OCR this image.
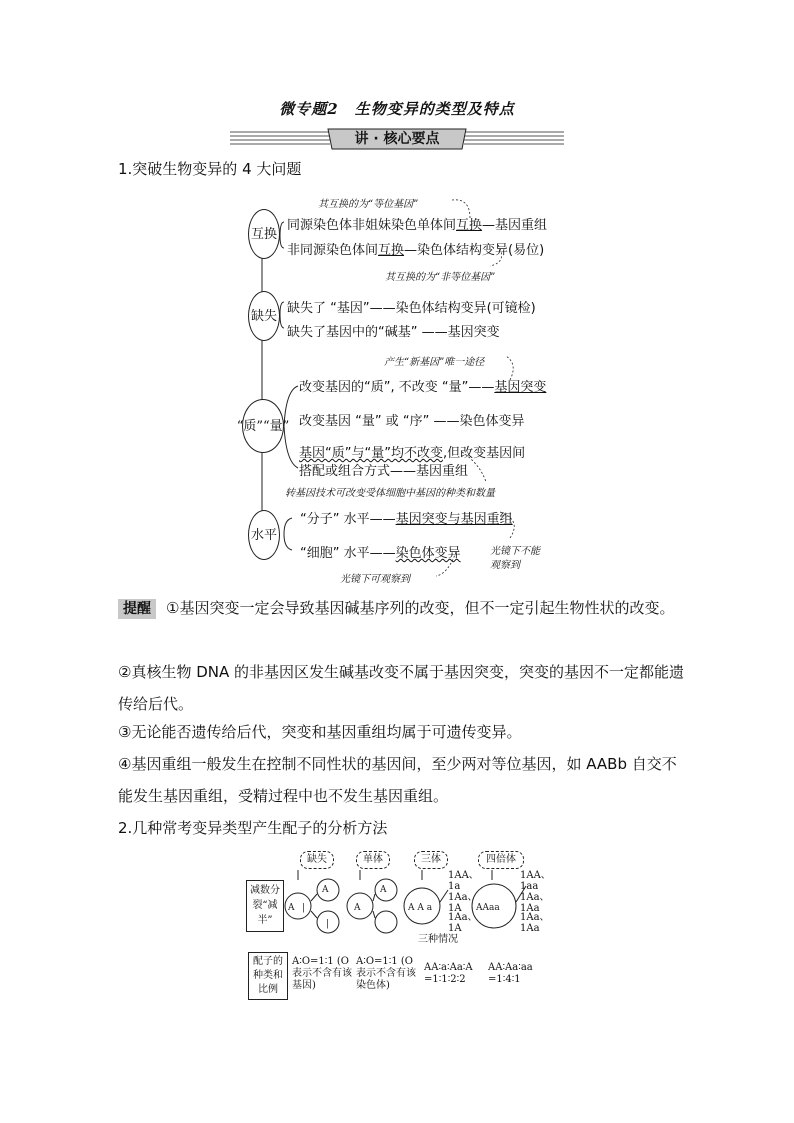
微专题2　生物变异的类型及特点
讲 · 核心要点
1.突破生物变异的 4 大问题
互换
缺失
“质”“量”
水平
其互换的为“等位基因”
同源染色体非姐妹染色单体间互换—基因重组
非同源染色体间互换—染色体结构变异(易位)
其互换的为“非等位基因”
缺失了 “基因”——染色体结构变异(可镜检)
缺失了基因中的“碱基” ——基因突变
产生“新基因”唯一途径
改变基因的“质”, 不改变 “量”——基因突变
改变基因 “量” 或 “序” ——染色体变异
基因“质”与“量”均不改变,但改变基因间
搭配或组合方式——基因重组
转基因技术可改变受体细胞中基因的种类和数量
“分子” 水平——基因突变与基因重组
“细胞” 水平——染色体变异	光镜下不能观察到
光镜下可观察到
提醒 ①基因突变一定会导致基因碱基序列的改变，但不一定引起生物性状的改变。
②真核生物 DNA 的非基因区发生碱基改变不属于基因突变，突变的基因不一定都能遗传给后代。
③无论能否遗传给后代，突变和基因重组均属于可遗传变异。
④基因重组一般发生在控制不同性状的基因间，至少两对等位基因，如 AABb 自交不能发生基因重组，受精过程中也不发生基因重组。
2.几种常考变异类型产生配子的分析方法
缺失	单体	三体	四倍体
减数分裂“减半”
配子的种类和比例
A |
A
|
A
A
A A a	AAaa
三种情况
1AA、1a
1Aa、1A
1Aa、1A
1AA、1aa
1Aa、1Aa
1Aa、1Aa
A∶O=1∶1 (O表示不含有该基因)
A∶O=1∶1 (O表示不含有该染色体)
AA∶a∶Aa∶A =1∶1∶2∶2
AA∶Aa∶aa =1∶4∶1
